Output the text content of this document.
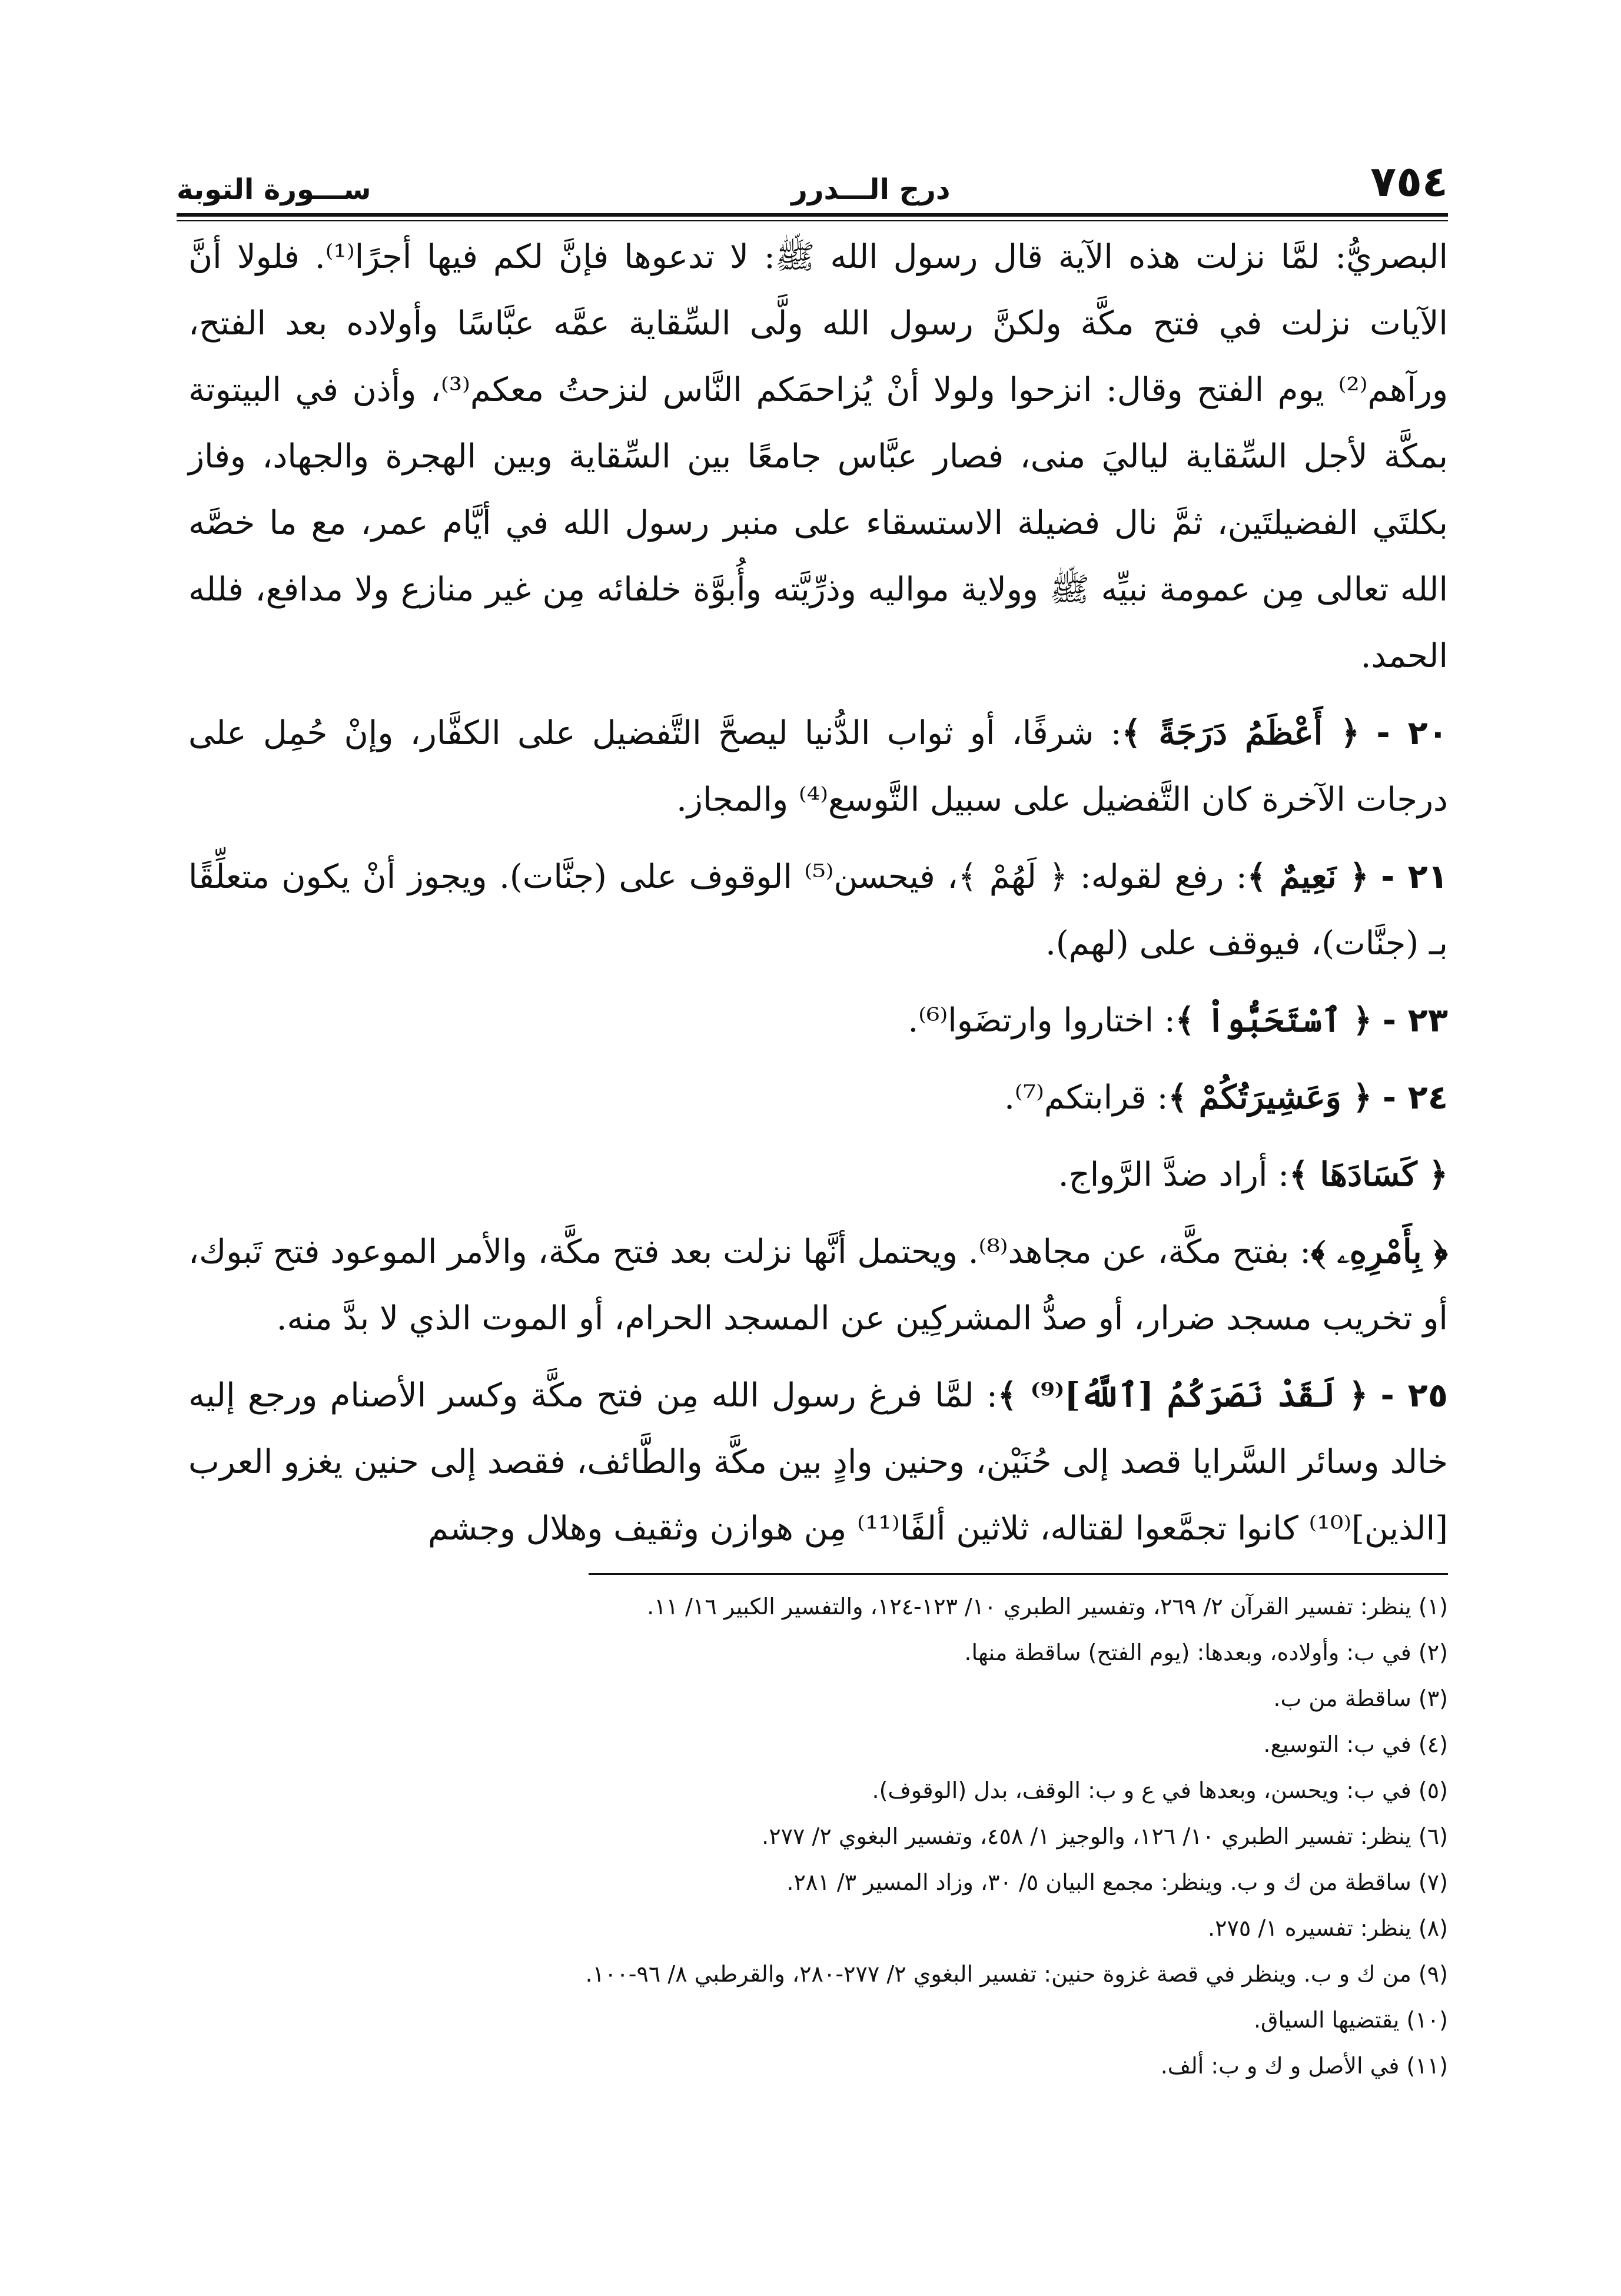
٧٥٤
درج الـــدرر
ســـورة التوبة

البصريُّ: لمَّا نزلت هذه الآية قال رسول الله ﷺ: لا تدعوها فإنَّ لكم فيها أجرًا⁽¹⁾. فلولا أنَّ الآيات نزلت في فتح مكَّة ولكنَّ رسول الله ولَّى السِّقاية عمَّه عبَّاسًا وأولاده بعد الفتح، ورآهم⁽²⁾ يوم الفتح وقال: انزحوا ولولا أنْ يُزاحمَكم النَّاس لنزحتُ معكم⁽³⁾، وأذن في البيتوتة بمكَّة لأجل السِّقاية لياليَ منى، فصار عبَّاس جامعًا بين السِّقاية وبين الهجرة والجهاد، وفاز بكلتَي الفضيلتَين، ثمَّ نال فضيلة الاستسقاء على منبر رسول الله في أيَّام عمر، مع ما خصَّه الله تعالى مِن عمومة نبيِّه ﷺ وولاية مواليه وذرِّيَّته وأُبوَّة خلفائه مِن غير منازع ولا مدافع، فلله الحمد.

٢٠ - ﴿ أَعْظَمُ دَرَجَةً ﴾: شرفًا، أو ثواب الدُّنيا ليصحَّ التَّفضيل على الكفَّار، وإنْ حُمِل على درجات الآخرة كان التَّفضيل على سبيل التَّوسع⁽⁴⁾ والمجاز.

٢١ - ﴿ نَعِيمٌ ﴾: رفع لقوله: ﴿ لَهُمْ ﴾، فيحسن⁽⁵⁾ الوقوف على (جنَّات). ويجوز أنْ يكون متعلِّقًا بـ (جنَّات)، فيوقف على (لهم).

٢٣ - ﴿ ٱسْتَحَبُّواْ ﴾: اختاروا وارتضَوا⁽⁶⁾.

٢٤ - ﴿ وَعَشِيرَتُكُمْ ﴾: قرابتكم⁽⁷⁾.

﴿ كَسَادَهَا ﴾: أراد ضدَّ الرَّواج.

﴿ بِأَمْرِهِۦ ﴾: بفتح مكَّة، عن مجاهد⁽⁸⁾. ويحتمل أنَّها نزلت بعد فتح مكَّة، والأمر الموعود فتح تَبوك، أو تخريب مسجد ضرار، أو صدُّ المشركِين عن المسجد الحرام، أو الموت الذي لا بدَّ منه.

٢٥ - ﴿ لَقَدْ نَصَرَكُمُ [ٱللَّهُ]⁽⁹⁾ ﴾: لمَّا فرغ رسول الله مِن فتح مكَّة وكسر الأصنام ورجع إليه خالد وسائر السَّرايا قصد إلى حُنَيْن، وحنين وادٍ بين مكَّة والطَّائف، فقصد إلى حنين يغزو العرب [الذين]⁽¹⁰⁾ كانوا تجمَّعوا لقتاله، ثلاثين ألفًا⁽¹¹⁾ مِن هوازن وثقيف وهلال وجشم

(١) ينظر: تفسير القرآن ٢/ ٢٦٩، وتفسير الطبري ١٠/ ١٢٣-١٢٤، والتفسير الكبير ١٦/ ١١.
(٢) في ب: وأولاده، وبعدها: (يوم الفتح) ساقطة منها.
(٣) ساقطة من ب.
(٤) في ب: التوسيع.
(٥) في ب: ويحسن، وبعدها في ع و ب: الوقف، بدل (الوقوف).
(٦) ينظر: تفسير الطبري ١٠/ ١٢٦، والوجيز ١/ ٤٥٨، وتفسير البغوي ٢/ ٢٧٧.
(٧) ساقطة من ك و ب. وينظر: مجمع البيان ٥/ ٣٠، وزاد المسير ٣/ ٢٨١.
(٨) ينظر: تفسيره ١/ ٢٧٥.
(٩) من ك و ب. وينظر في قصة غزوة حنين: تفسير البغوي ٢/ ٢٧٧-٢٨٠، والقرطبي ٨/ ٩٦-١٠٠.
(١٠) يقتضيها السياق.
(١١) في الأصل و ك و ب: ألف.
